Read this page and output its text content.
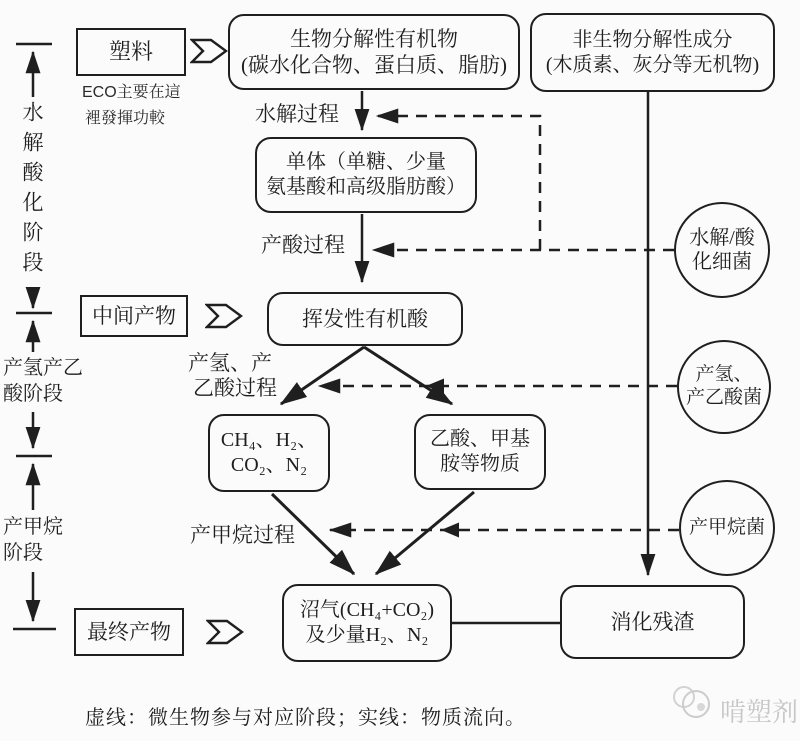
水解酸化阶段
产氢产乙
酸阶段
产甲烷
阶段
塑料
ECO主要在這
裡發揮功較
生物分解性有机物
(碳水化合物、蛋白质、脂肪)
非生物分解性成分
(木质素、灰分等无机物)
水解过程
产酸过程
产氢、产
乙酸过程
产甲烷过程
单体（单糖、少量
氨基酸和高级脂肪酸）
中间产物	挥发性有机酸
CH₄、H₂、
CO₂、N₂
乙酸、甲基
胺等物质
最终产物
沼气(CH₄+CO₂)
及少量H₂、N₂
消化残渣
水解/酸
化细菌
产氢、
产乙酸菌
产甲烷菌
虚线：微生物参与对应阶段；实线：物质流向。	啃塑剂
